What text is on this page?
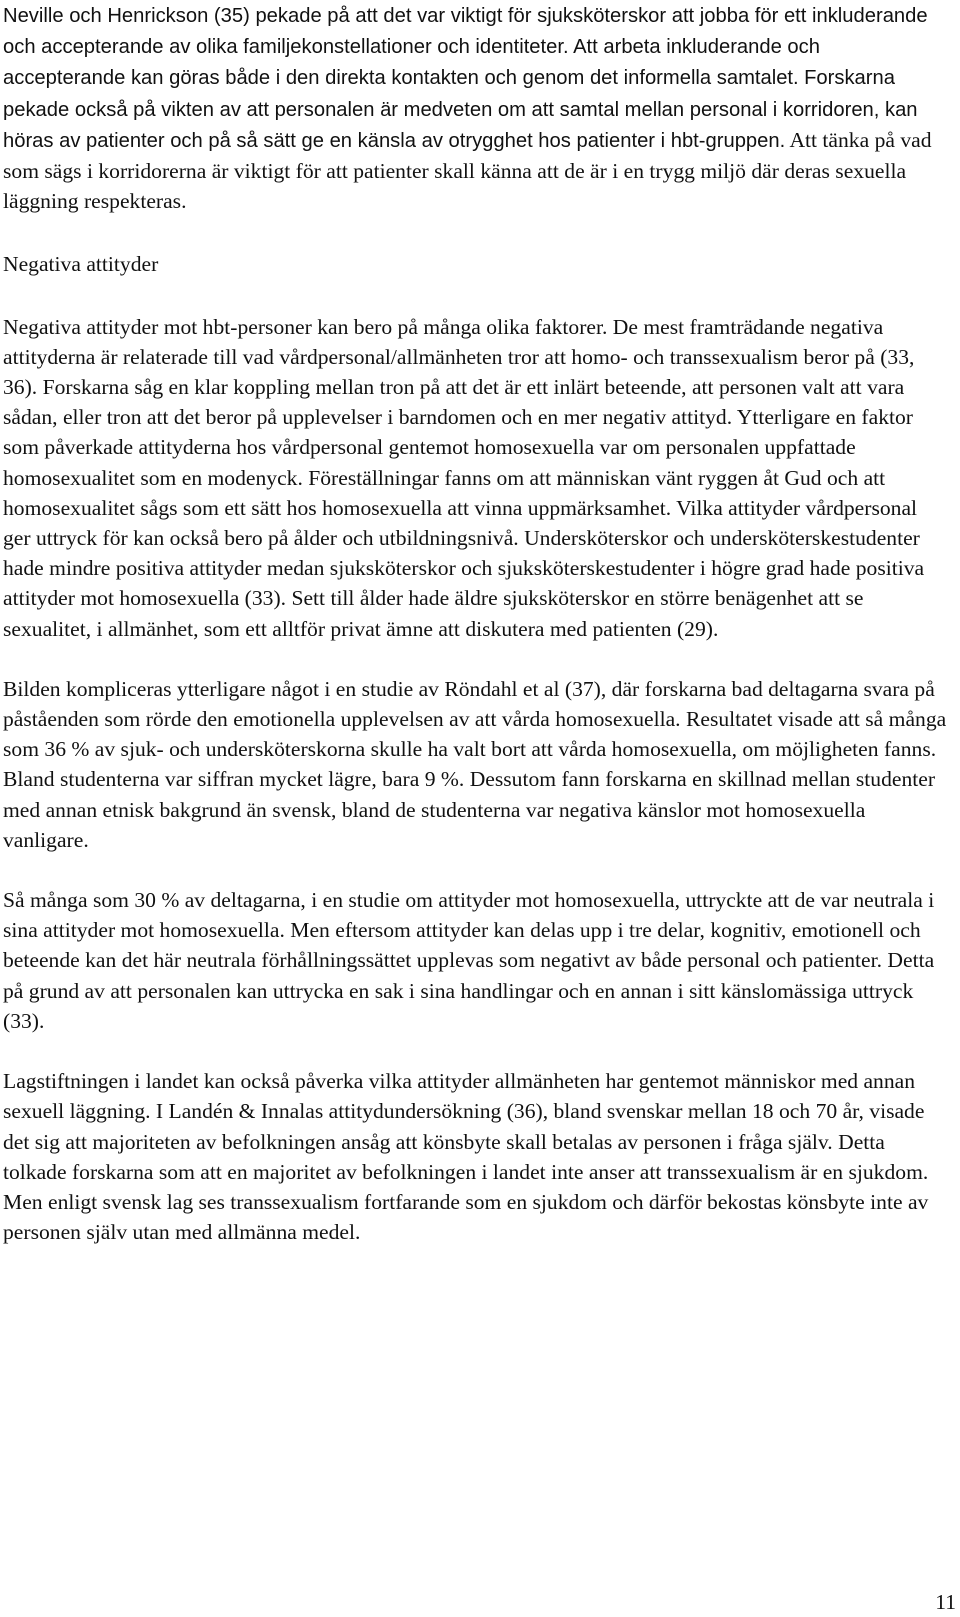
Neville och Henrickson (35) pekade på att det var viktigt för sjuksköterskor att jobba för ett inkluderande och accepterande av olika familjekonstellationer och identiteter. Att arbeta inkluderande och accepterande kan göras både i den direkta kontakten och genom det informella samtalet. Forskarna pekade också på vikten av att personalen är medveten om att samtal mellan personal i korridoren, kan höras av patienter och på så sätt ge en känsla av otrygghet hos patienter i hbt-gruppen. Att tänka på vad som sägs i korridorerna är viktigt för att patienter skall känna att de är i en trygg miljö där deras sexuella läggning respekteras.

Negativa attityder

Negativa attityder mot hbt-personer kan bero på många olika faktorer. De mest framträdande negativa attityderna är relaterade till vad vårdpersonal/allmänheten tror att homo- och transsexualism beror på (33, 36). Forskarna såg en klar koppling mellan tron på att det är ett inlärt beteende, att personen valt att vara sådan, eller tron att det beror på upplevelser i barndomen och en mer negativ attityd. Ytterligare en faktor som påverkade attityderna hos vårdpersonal gentemot homosexuella var om personalen uppfattade homosexualitet som en modenyck. Föreställningar fanns om att människan vänt ryggen åt Gud och att homosexualitet sågs som ett sätt hos homosexuella att vinna uppmärksamhet. Vilka attityder vårdpersonal ger uttryck för kan också bero på ålder och utbildningsnivå. Undersköterskor och undersköterskestudenter hade mindre positiva attityder medan sjuksköterskor och sjuksköterskestudenter i högre grad hade positiva attityder mot homosexuella (33). Sett till ålder hade äldre sjuksköterskor en större benägenhet att se sexualitet, i allmänhet, som ett alltför privat ämne att diskutera med patienten (29).

Bilden kompliceras ytterligare något i en studie av Röndahl et al (37), där forskarna bad deltagarna svara på påståenden som rörde den emotionella upplevelsen av att vårda homosexuella. Resultatet visade att så många som 36 % av sjuk- och undersköterskorna skulle ha valt bort att vårda homosexuella, om möjligheten fanns. Bland studenterna var siffran mycket lägre, bara 9 %. Dessutom fann forskarna en skillnad mellan studenter med annan etnisk bakgrund än svensk, bland de studenterna var negativa känslor mot homosexuella vanligare.

Så många som 30 % av deltagarna, i en studie om attityder mot homosexuella, uttryckte att de var neutrala i sina attityder mot homosexuella. Men eftersom attityder kan delas upp i tre delar, kognitiv, emotionell och beteende kan det här neutrala förhållningssättet upplevas som negativt av både personal och patienter. Detta på grund av att personalen kan uttrycka en sak i sina handlingar och en annan i sitt känslomässiga uttryck (33).

Lagstiftningen i landet kan också påverka vilka attityder allmänheten har gentemot människor med annan sexuell läggning. I Landén & Innalas attitydundersökning (36), bland svenskar mellan 18 och 70 år, visade det sig att majoriteten av befolkningen ansåg att könsbyte skall betalas av personen i fråga själv. Detta tolkade forskarna som att en majoritet av befolkningen i landet inte anser att transsexualism är en sjukdom. Men enligt svensk lag ses transsexualism fortfarande som en sjukdom och därför bekostas könsbyte inte av personen själv utan med allmänna medel.

11
